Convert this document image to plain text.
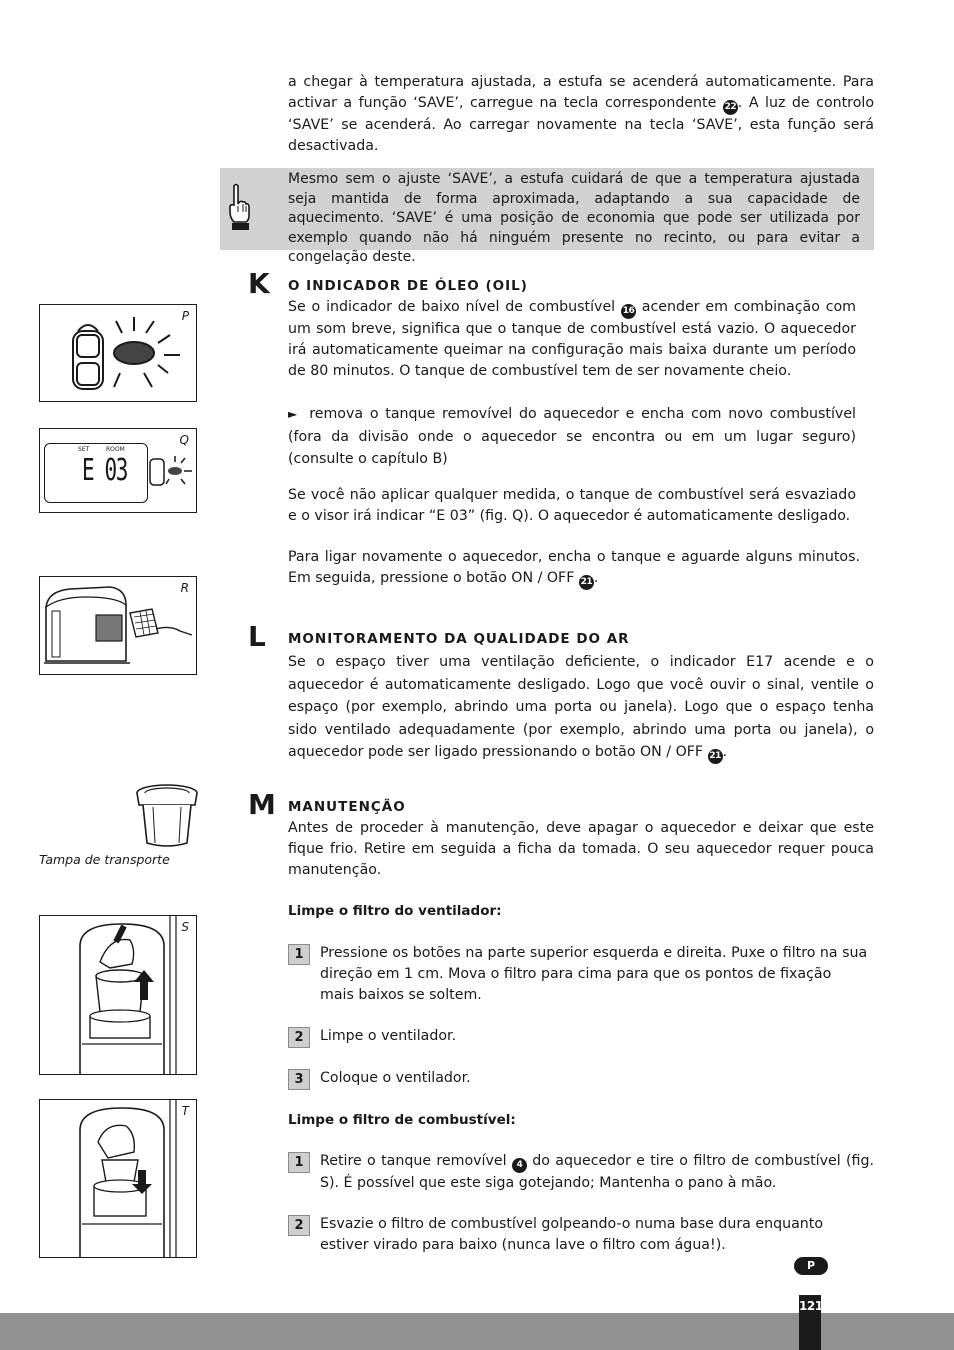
a chegar à temperatura ajustada, a estufa se acenderá automaticamente. Para activar a função ‘SAVE’, carregue na tecla correspondente 22 . A luz de controlo ‘SAVE’ se acenderá. Ao carregar novamente na tecla ‘SAVE’, esta função será desactivada.
Mesmo sem o ajuste ‘SAVE’, a estufa cuidará de que a temperatura ajustada seja mantida de forma aproximada, adaptando a sua capacidade de aquecimento. ‘SAVE’ é uma posição de economia que pode ser utilizada por exemplo quando não há ninguém presente no recinto, ou para evitar a congelação deste.
K O INDICADOR DE ÓLEO (OIL)
Se o indicador de baixo nível de combustível 16 acender em combinação com um som breve, significa que o tanque de combustível está vazio. O aquecedor irá automaticamente queimar na configuração mais baixa durante um período de 80 minutos. O tanque de combustível tem de ser novamente cheio.
► remova o tanque removível do aquecedor e encha com novo combustível (fora da divisão onde o aquecedor se encontra ou em um lugar seguro) (consulte o capítulo B)
Se você não aplicar qualquer medida, o tanque de combustível será esvaziado e o visor irá indicar “E 03” (fig. Q). O aquecedor é automaticamente desligado.
Para ligar novamente o aquecedor, encha o tanque e aguarde alguns minutos. Em seguida, pressione o botão ON / OFF 21 .
L MONITORAMENTO DA QUALIDADE DO AR
Se o espaço tiver uma ventilação deficiente, o indicador E17 acende e o aquecedor é automaticamente desligado. Logo que você ouvir o sinal, ventile o espaço (por exemplo, abrindo uma porta ou janela). Logo que o espaço tenha sido ventilado adequadamente (por exemplo, abrindo uma porta ou janela), o aquecedor pode ser ligado pressionando o botão ON / OFF 21 .
M MANUTENÇÃO
Antes de proceder à manutenção, deve apagar o aquecedor e deixar que este fique frio. Retire em seguida a ficha da tomada. O seu aquecedor requer pouca manutenção.
Limpe o filtro do ventilador:
1	Pressione os botões na parte superior esquerda e direita. Puxe o filtro na sua direção em 1 cm. Mova o filtro para cima para que os pontos de fixação mais baixos se soltem.
2	Limpe o ventilador.
3	Coloque o ventilador.
Limpe o filtro de combustível:
1	Retire o tanque removível 4 do aquecedor e tire o filtro de combustível (fig. S). É possível que este siga gotejando; Mantenha o pano à mão.
2	Esvazie o filtro de combustível golpeando-o numa base dura enquanto estiver virado para baixo (nunca lave o filtro com água!).
P
Q
SET	ROOM
E 03
R
Tampa de transporte
S
T
P
121
